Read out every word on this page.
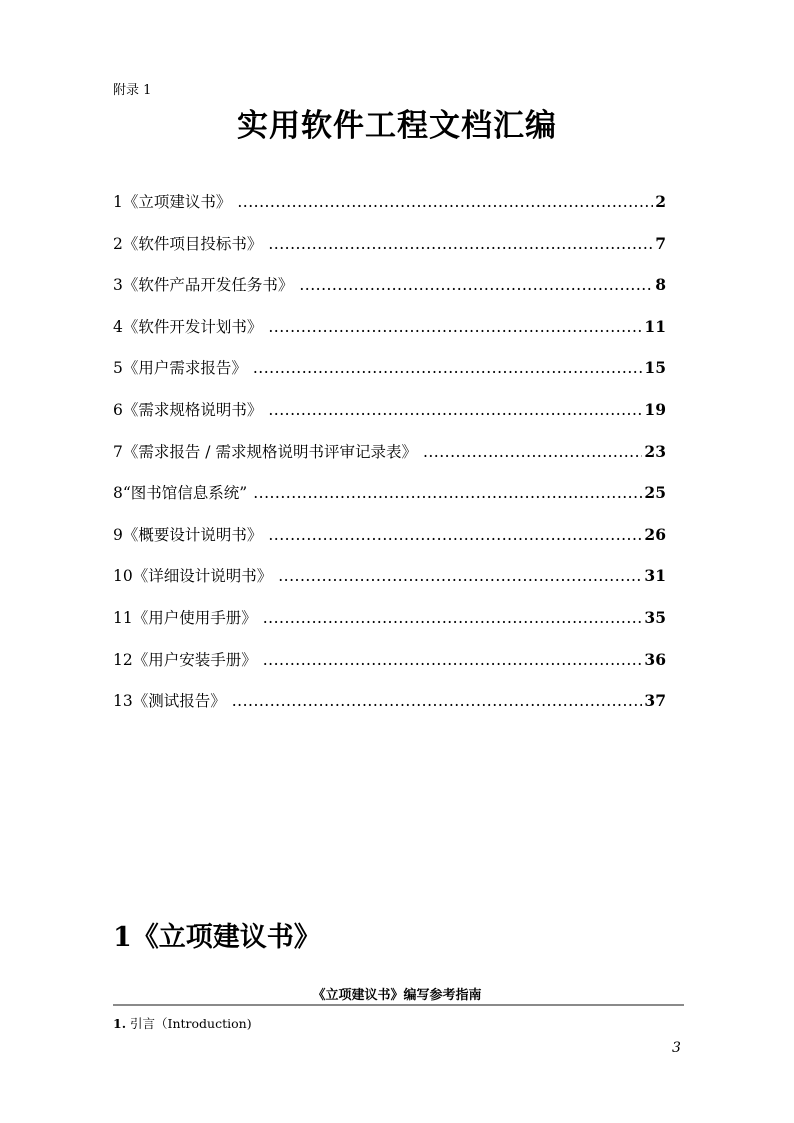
附录 1
实用软件工程文档汇编
1《立项建议书》 .....	2
2《软件项目投标书》 .....	7
3《软件产品开发任务书》 .....	8
4《软件开发计划书》 .....	11
5《用户需求报告》 .....	15
6《需求规格说明书》 .....	19
7《需求报告 / 需求规格说明书评审记录表》 .....	23
8“图书馆信息系统” .....	25
9《概要设计说明书》 .....	26
10《详细设计说明书》 .....	31
11《用户使用手册》 .....	35
12《用户安装手册》 .....	36
13《测试报告》 .....	37
1《立项建议书》
《立项建议书》编写参考指南
1. 引言（Introduction)
3
